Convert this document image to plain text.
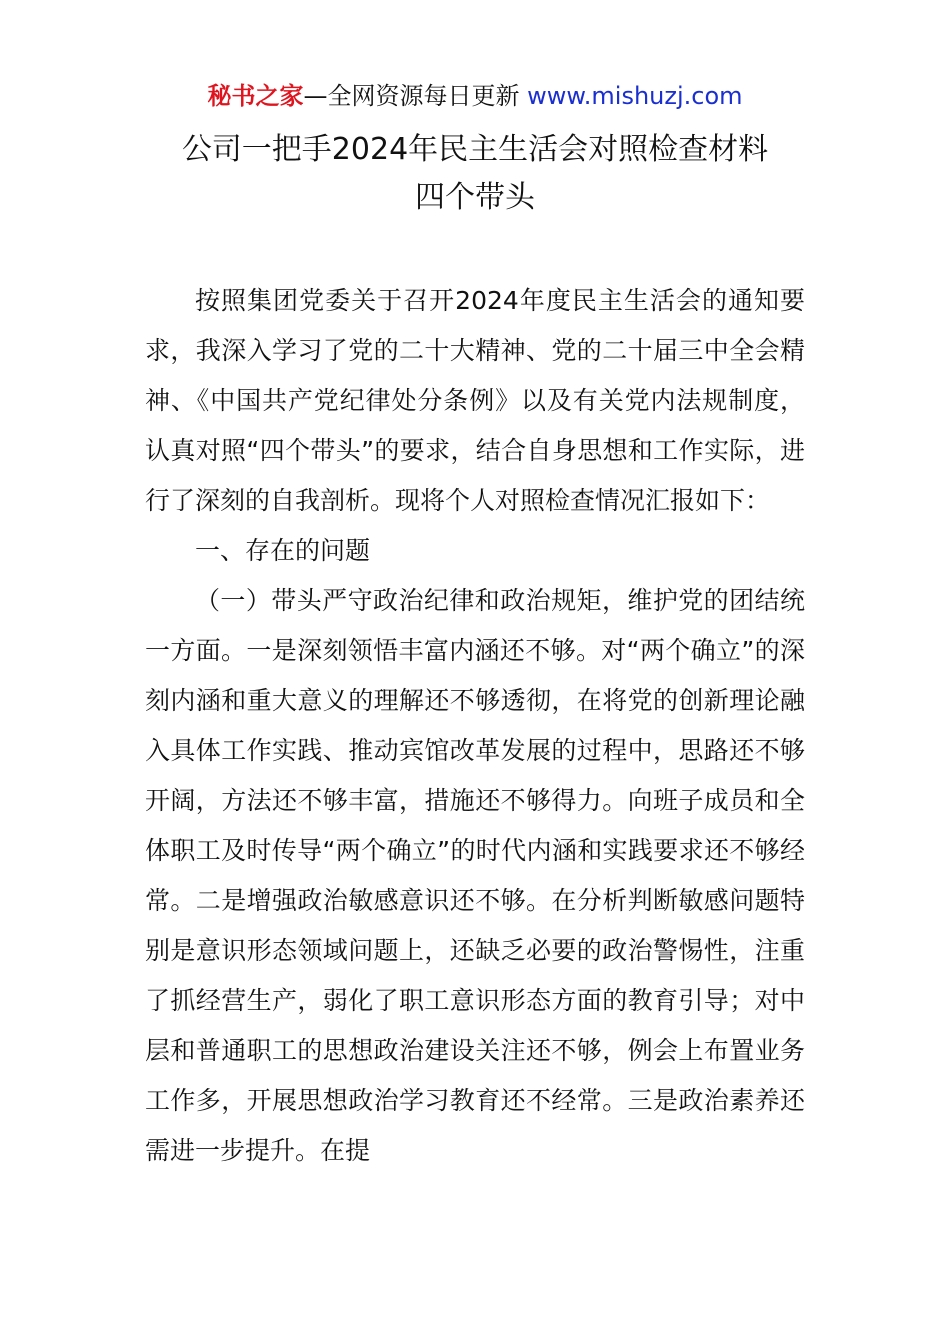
秘书之家—全网资源每日更新 www.mishuzj.com
公司一把手2024年民主生活会对照检查材料
四个带头

按照集团党委关于召开2024年度民主生活会的通知要求，我深入学习了党的二十大精神、党的二十届三中全会精神、《中国共产党纪律处分条例》以及有关党内法规制度，认真对照“四个带头”的要求，结合自身思想和工作实际，进行了深刻的自我剖析。现将个人对照检查情况汇报如下：

一、存在的问题

（一）带头严守政治纪律和政治规矩，维护党的团结统一方面。一是深刻领悟丰富内涵还不够。对“两个确立”的深刻内涵和重大意义的理解还不够透彻，在将党的创新理论融入具体工作实践、推动宾馆改革发展的过程中，思路还不够开阔，方法还不够丰富，措施还不够得力。向班子成员和全体职工及时传导“两个确立”的时代内涵和实践要求还不够经常。二是增强政治敏感意识还不够。在分析判断敏感问题特别是意识形态领域问题上，还缺乏必要的政治警惕性，注重了抓经营生产，弱化了职工意识形态方面的教育引导；对中层和普通职工的思想政治建设关注还不够，例会上布置业务工作多，开展思想政治学习教育还不经常。三是政治素养还需进一步提升。在提
